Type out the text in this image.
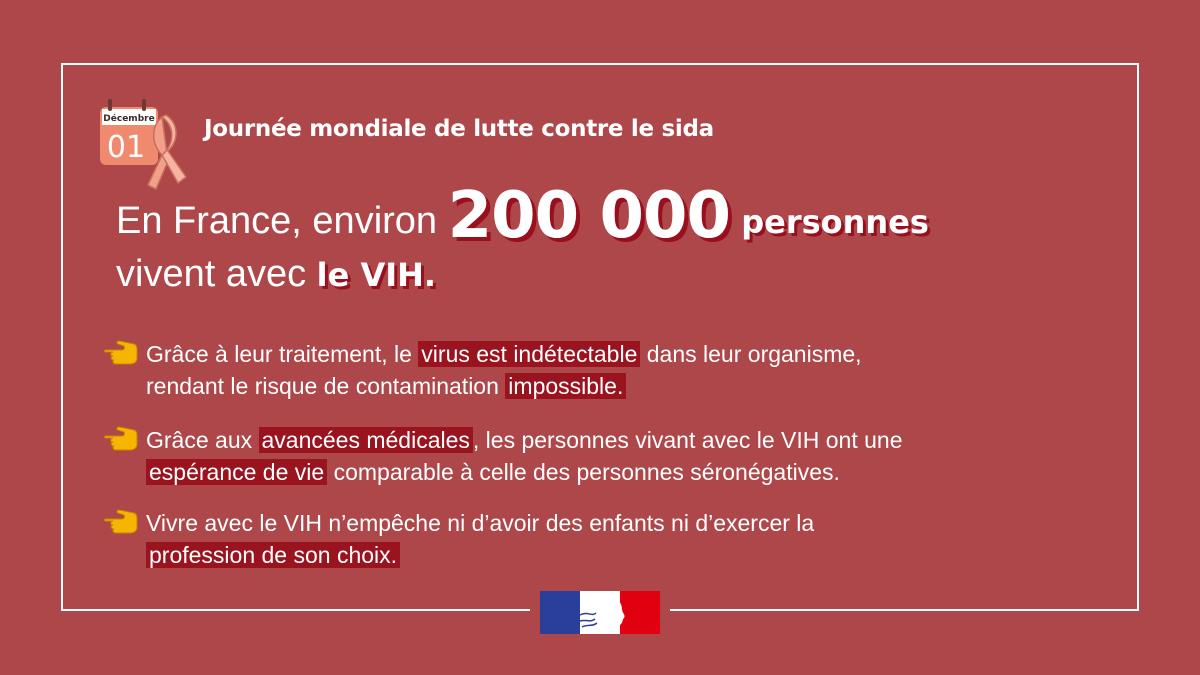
Décembre
01
Journée mondiale de lutte contre le sida
En France, environ 200 000 personnes
vivent avec le VIH.
Grâce à leur traitement, le virus est indétectable dans leur organisme,
rendant le risque de contamination impossible.
Grâce aux avancées médicales , les personnes vivant avec le VIH ont une
espérance de vie comparable à celle des personnes séronégatives.
Vivre avec le VIH n’empêche ni d’avoir des enfants ni d’exercer la
profession de son choix.
